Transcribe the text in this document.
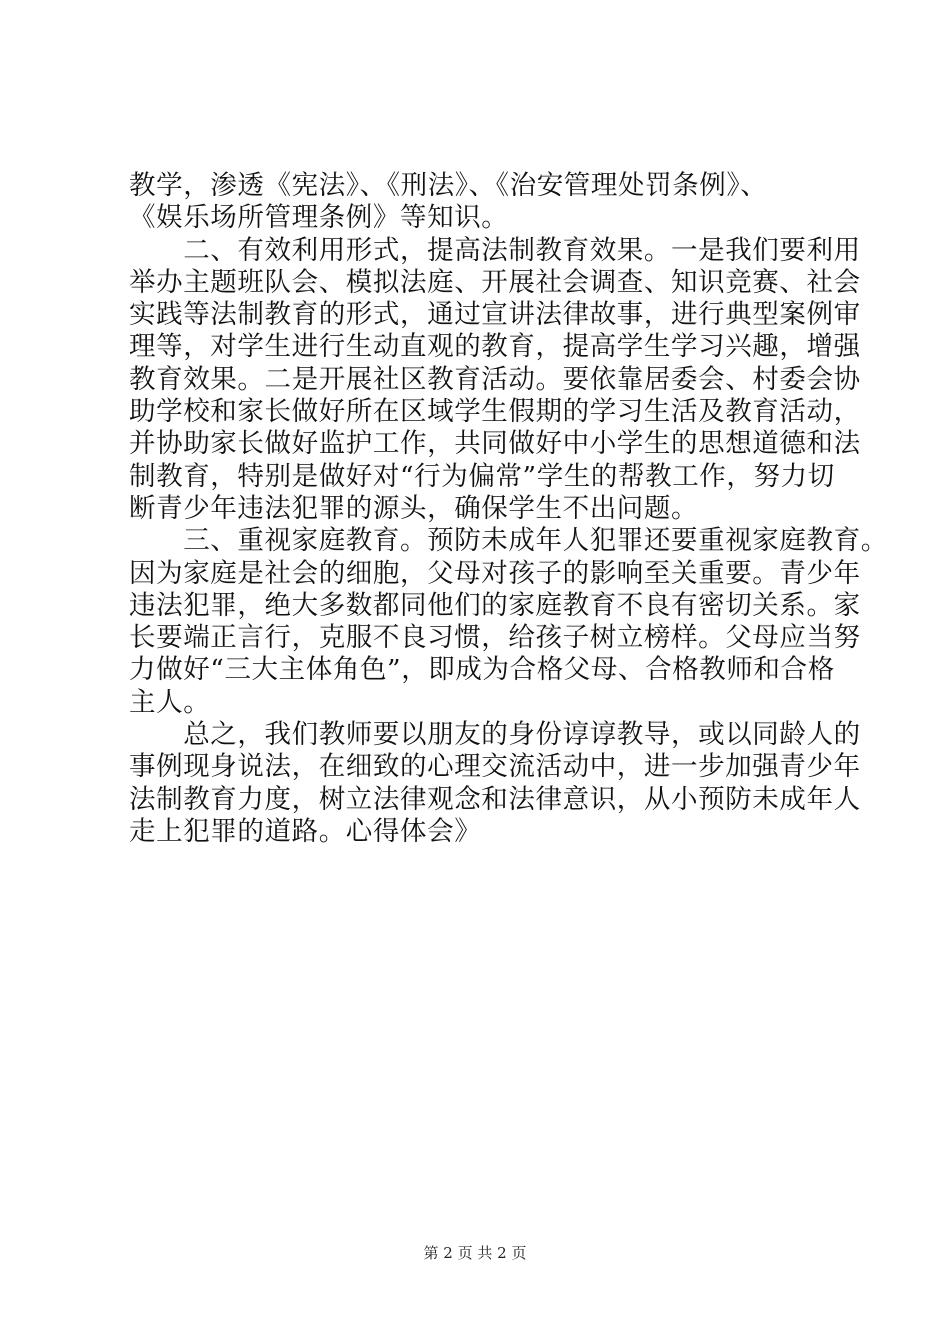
教学，渗透《宪法》、《刑法》、《治安管理处罚条例》、
《娱乐场所管理条例》等知识。
　　二、有效利用形式，提高法制教育效果。一是我们要利用
举办主题班队会、模拟法庭、开展社会调查、知识竞赛、社会
实践等法制教育的形式，通过宣讲法律故事，进行典型案例审
理等，对学生进行生动直观的教育，提高学生学习兴趣，增强
教育效果。二是开展社区教育活动。要依靠居委会、村委会协
助学校和家长做好所在区域学生假期的学习生活及教育活动，
并协助家长做好监护工作，共同做好中小学生的思想道德和法
制教育，特别是做好对“行为偏常”学生的帮教工作，努力切
断青少年违法犯罪的源头，确保学生不出问题。
　　三、重视家庭教育。预防未成年人犯罪还要重视家庭教育。
因为家庭是社会的细胞，父母对孩子的影响至关重要。青少年
违法犯罪，绝大多数都同他们的家庭教育不良有密切关系。家
长要端正言行，克服不良习惯，给孩子树立榜样。父母应当努
力做好“三大主体角色”，即成为合格父母、合格教师和合格
主人。
　　总之，我们教师要以朋友的身份谆谆教导，或以同龄人的
事例现身说法，在细致的心理交流活动中，进一步加强青少年
法制教育力度，树立法律观念和法律意识，从小预防未成年人
走上犯罪的道路。心得体会》
第 2 页 共 2 页
